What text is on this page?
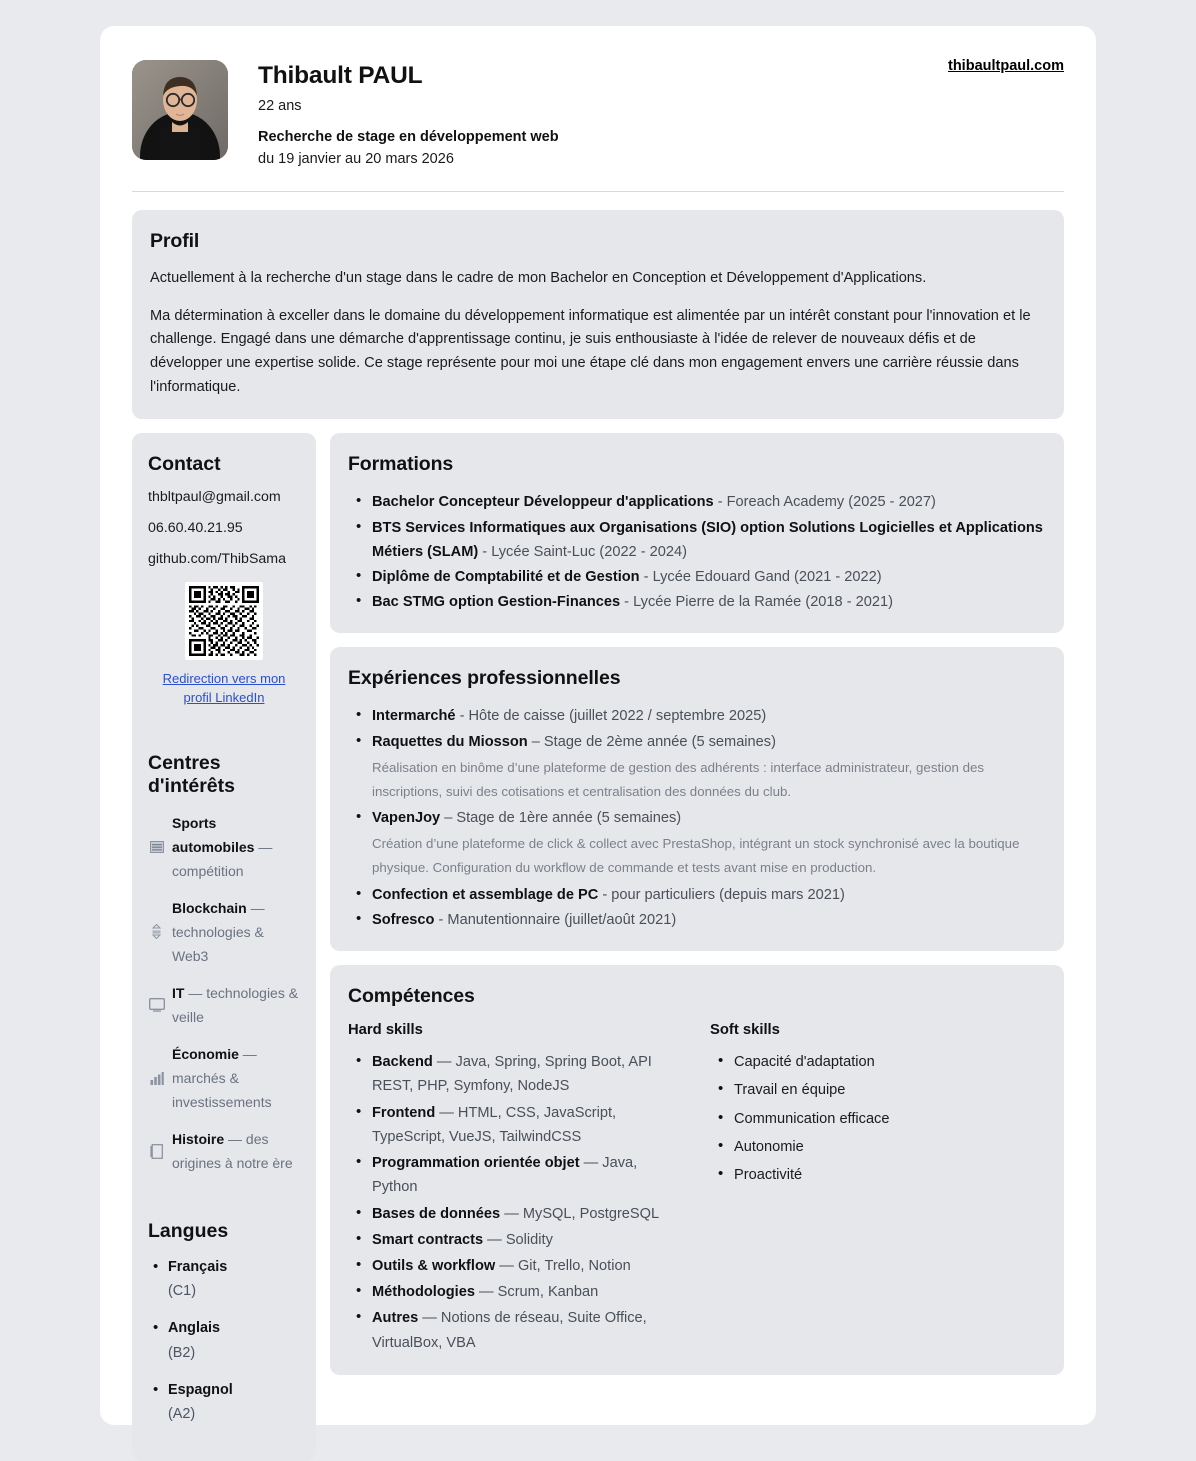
Thibault PAUL
22 ans
Recherche de stage en développement web
du 19 janvier au 20 mars 2026
thibaultpaul.com
Profil

Actuellement à la recherche d'un stage dans le cadre de mon Bachelor en Conception et Développement d'Applications.

Ma détermination à exceller dans le domaine du développement informatique est alimentée par un intérêt constant pour l'innovation et le challenge. Engagé dans une démarche d'apprentissage continu, je suis enthousiaste à l'idée de relever de nouveaux défis et de développer une expertise solide. Ce stage représente pour moi une étape clé dans mon engagement envers une carrière réussie dans l'informatique.

Contact
thbltpaul@gmail.com
06.60.40.21.95
github.com/ThibSama
Redirection vers mon profil LinkedIn
Centres d'intérêts
Sports automobiles — compétition
Blockchain — technologies & Web3
IT — technologies & veille
Économie — marchés & investissements
Histoire — des origines à notre ère
Langues
• Français
(C1)
• Anglais
(B2)
• Espagnol
(A2)
Formations
• Bachelor Concepteur Développeur d'applications - Foreach Academy (2025 - 2027)
• BTS Services Informatiques aux Organisations (SIO) option Solutions Logicielles et Applications Métiers (SLAM) - Lycée Saint-Luc (2022 - 2024)
• Diplôme de Comptabilité et de Gestion - Lycée Edouard Gand (2021 - 2022)
• Bac STMG option Gestion-Finances - Lycée Pierre de la Ramée (2018 - 2021)
Expériences professionnelles
• Intermarché - Hôte de caisse (juillet 2022 / septembre 2025)
• Raquettes du Miosson – Stage de 2ème année (5 semaines)
Réalisation en binôme d’une plateforme de gestion des adhérents : interface administrateur, gestion des inscriptions, suivi des cotisations et centralisation des données du club.
• VapenJoy – Stage de 1ère année (5 semaines)
Création d’une plateforme de click & collect avec PrestaShop, intégrant un stock synchronisé avec la boutique physique. Configuration du workflow de commande et tests avant mise en production.
• Confection et assemblage de PC - pour particuliers (depuis mars 2021)
• Sofresco - Manutentionnaire (juillet/août 2021)
Compétences
Hard skills
• Backend — Java, Spring, Spring Boot, API REST, PHP, Symfony, NodeJS
• Frontend — HTML, CSS, JavaScript, TypeScript, VueJS, TailwindCSS
• Programmation orientée objet — Java, Python
• Bases de données — MySQL, PostgreSQL
• Smart contracts — Solidity
• Outils & workflow — Git, Trello, Notion
• Méthodologies — Scrum, Kanban
• Autres — Notions de réseau, Suite Office, VirtualBox, VBA
Soft skills
• Capacité d'adaptation
• Travail en équipe
• Communication efficace
• Autonomie
• Proactivité
